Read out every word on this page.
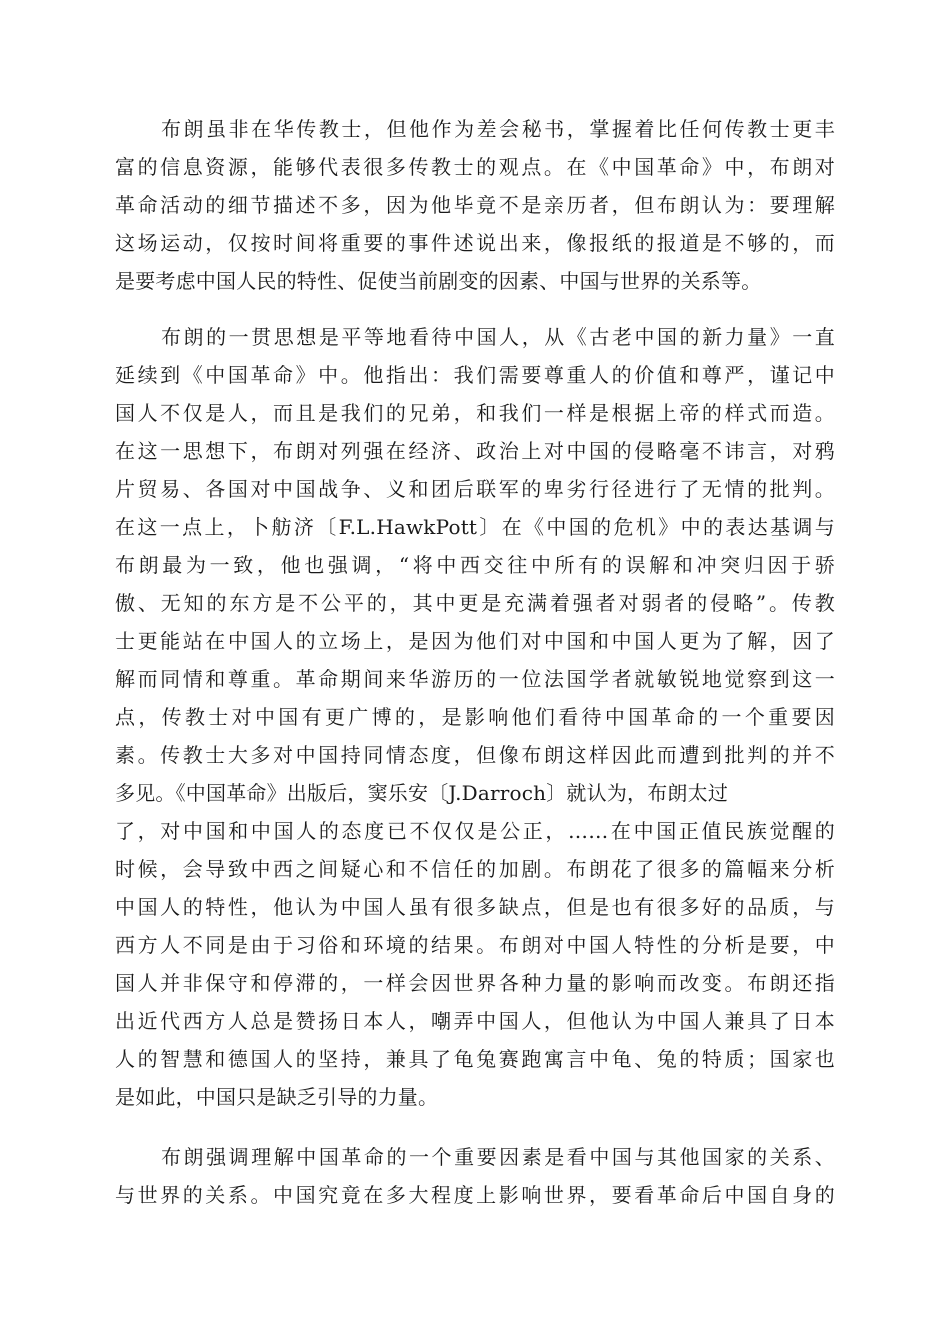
布朗虽非在华传教士，但他作为差会秘书，掌握着比任何传教士更丰
富的信息资源，能够代表很多传教士的观点。在《中国革命》中，布朗对
革命活动的细节描述不多，因为他毕竟不是亲历者，但布朗认为：要理解
这场运动，仅按时间将重要的事件述说出来，像报纸的报道是不够的，而
是要考虑中国人民的特性、促使当前剧变的因素、中国与世界的关系等。
布朗的一贯思想是平等地看待中国人，从《古老中国的新力量》一直
延续到《中国革命》中。他指出：我们需要尊重人的价值和尊严，谨记中
国人不仅是人，而且是我们的兄弟，和我们一样是根据上帝的样式而造。
在这一思想下，布朗对列强在经济、政治上对中国的侵略毫不讳言，对鸦
片贸易、各国对中国战争、义和团后联军的卑劣行径进行了无情的批判。
在这一点上，卜舫济〔F.L.HawkPott〕在《中国的危机》中的表达基调与
布朗最为一致，他也强调，“将中西交往中所有的误解和冲突归因于骄
傲、无知的东方是不公平的，其中更是充满着强者对弱者的侵略”。传教
士更能站在中国人的立场上，是因为他们对中国和中国人更为了解，因了
解而同情和尊重。革命期间来华游历的一位法国学者就敏锐地觉察到这一
点，传教士对中国有更广博的，是影响他们看待中国革命的一个重要因
素。传教士大多对中国持同情态度，但像布朗这样因此而遭到批判的并不
多见。《中国革命》出版后，窦乐安〔J.Darroch〕就认为，布朗太过
了，对中国和中国人的态度已不仅仅是公正，……在中国正值民族觉醒的
时候，会导致中西之间疑心和不信任的加剧。布朗花了很多的篇幅来分析
中国人的特性，他认为中国人虽有很多缺点，但是也有很多好的品质，与
西方人不同是由于习俗和环境的结果。布朗对中国人特性的分析是要，中
国人并非保守和停滞的，一样会因世界各种力量的影响而改变。布朗还指
出近代西方人总是赞扬日本人，嘲弄中国人，但他认为中国人兼具了日本
人的智慧和德国人的坚持，兼具了龟兔赛跑寓言中龟、兔的特质；国家也
是如此，中国只是缺乏引导的力量。
布朗强调理解中国革命的一个重要因素是看中国与其他国家的关系、
与世界的关系。中国究竟在多大程度上影响世界，要看革命后中国自身的
